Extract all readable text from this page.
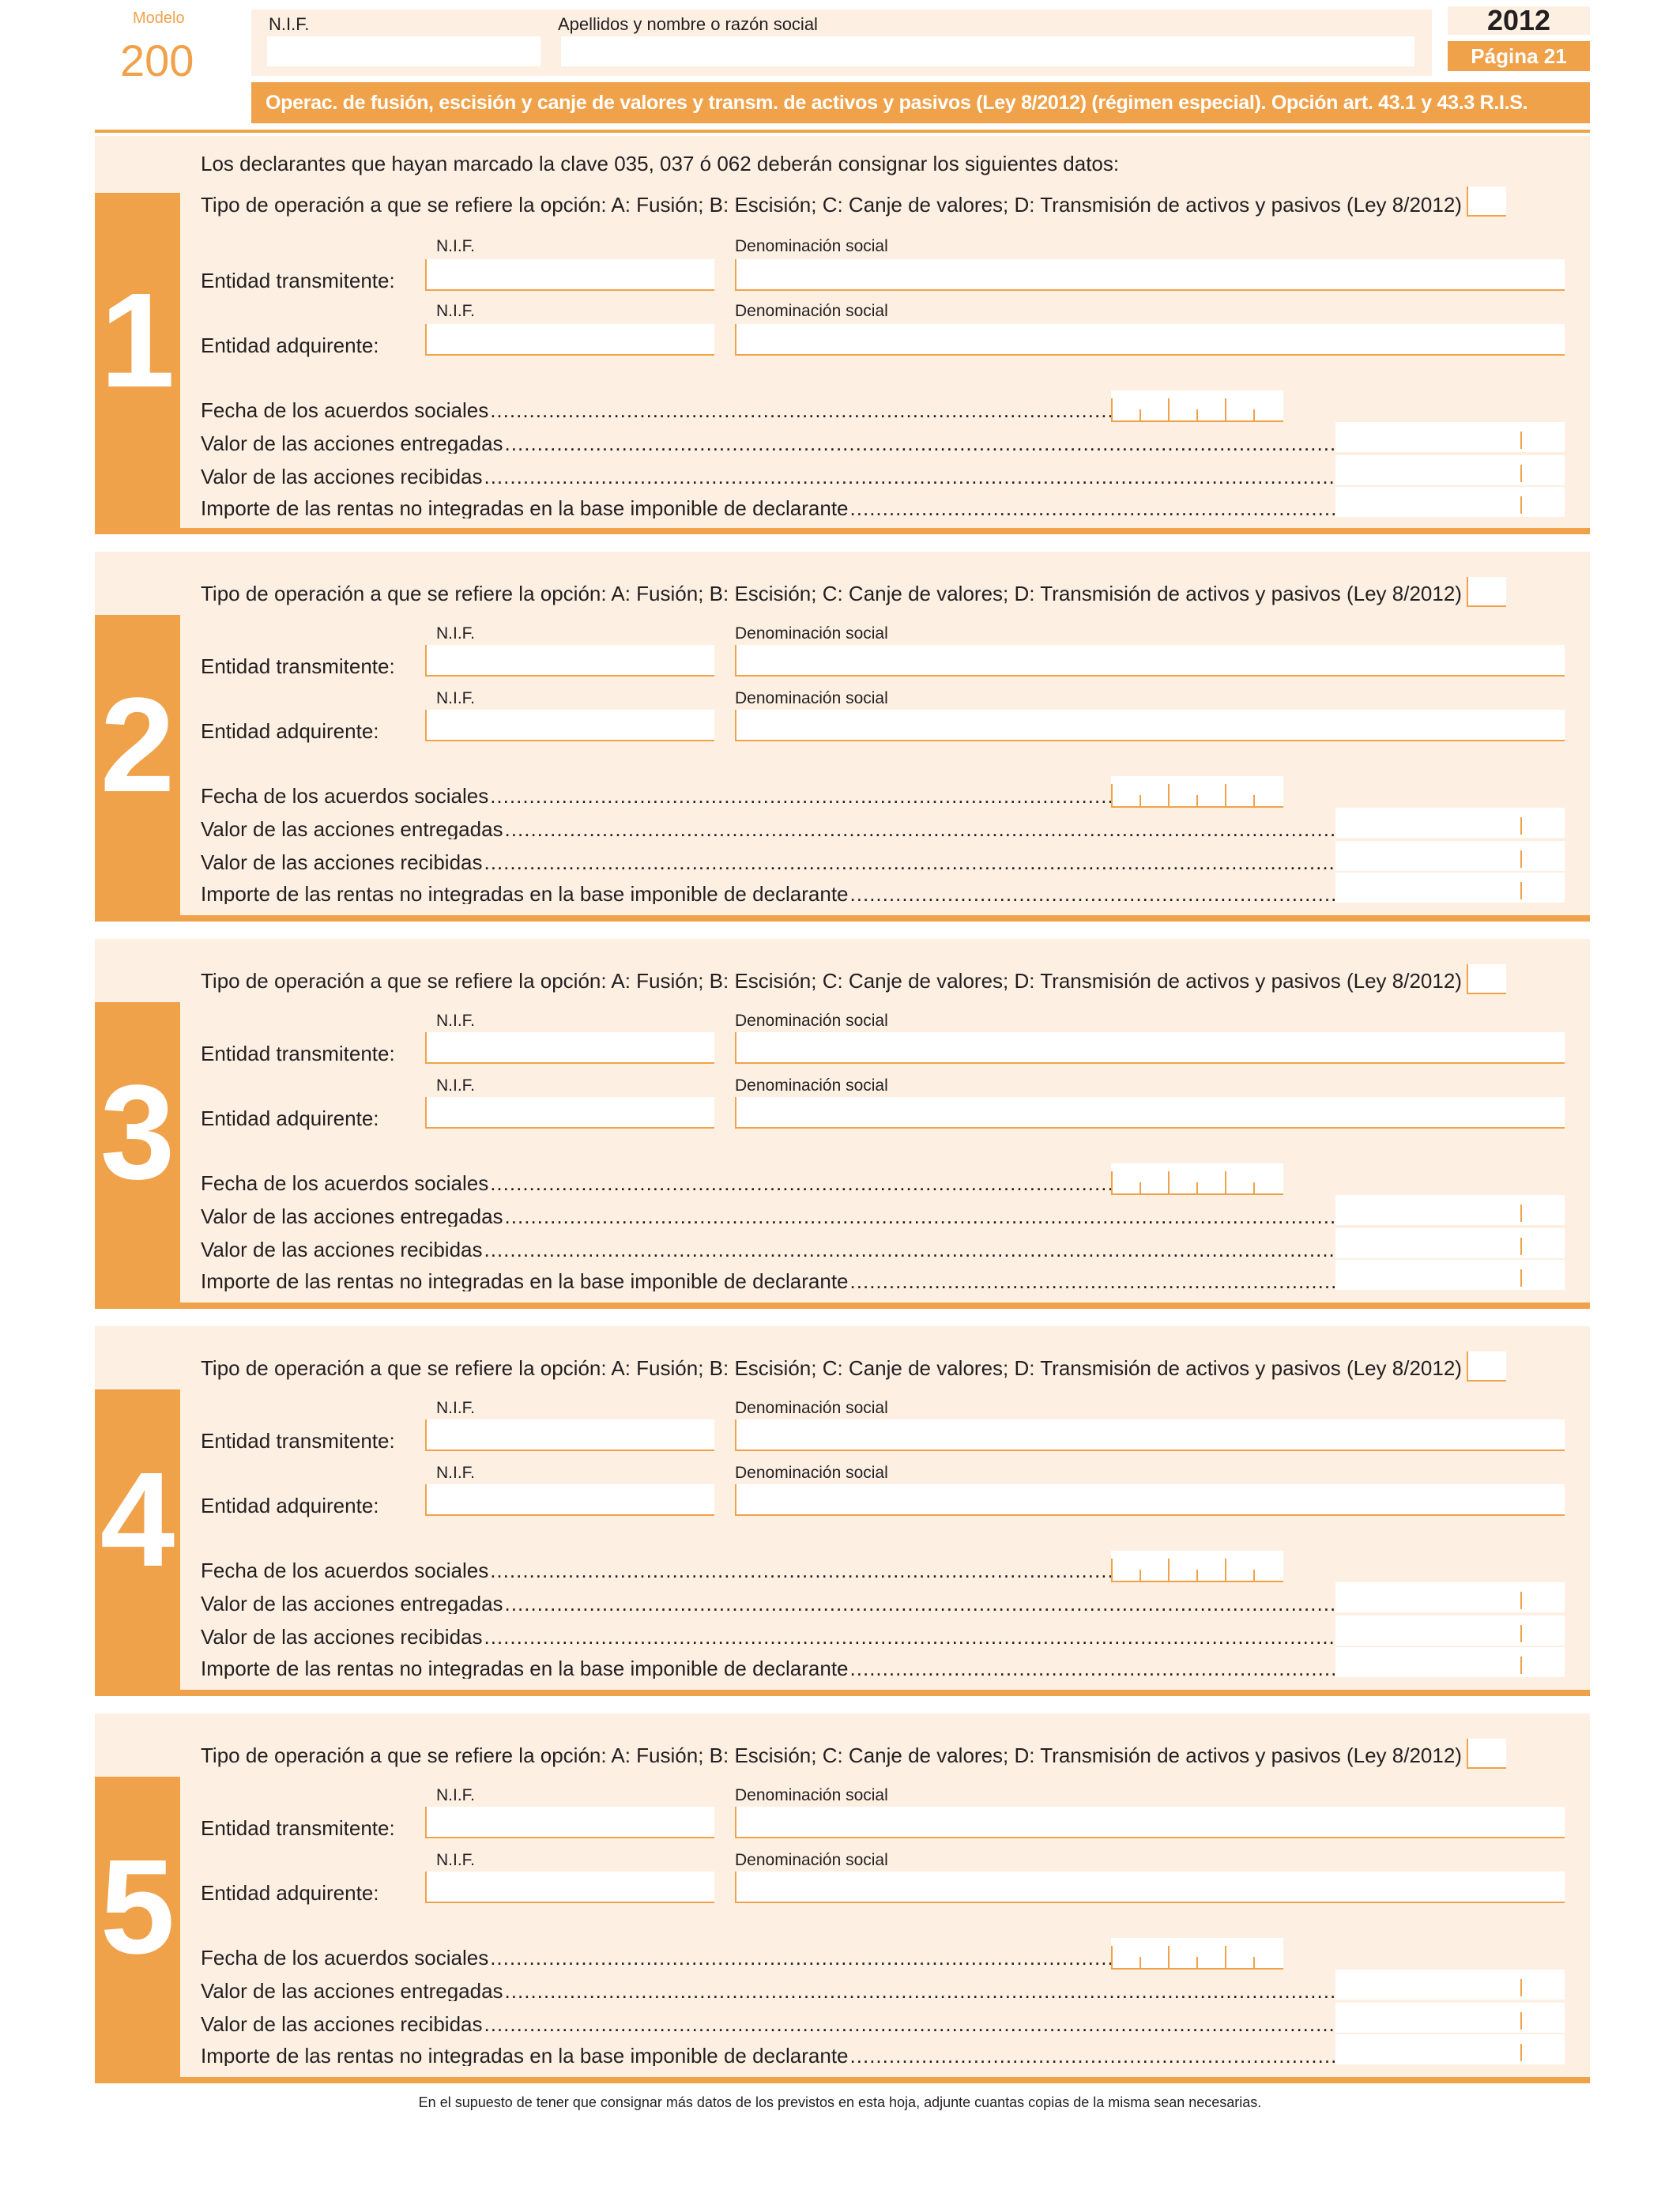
Modelo
200
N.I.F.	Apellidos y nombre o razón social	2012
Página 21
Operac. de fusión, escisión y canje de valores y transm. de activos y pasivos (Ley 8/2012) (régimen especial). Opción art. 43.1 y 43.3 R.I.S.
Los declarantes que hayan marcado la clave 035, 037 ó 062 deberán consignar los siguientes datos:
1
Tipo de operación a que se refiere la opción: A: Fusión; B: Escisión; C: Canje de valores; D: Transmisión de activos y pasivos (Ley 8/2012)
N.I.F.	Denominación social
Entidad transmitente:
N.I.F.	Denominación social
Entidad adquirente:
Fecha de los acuerdos sociales
.....
Valor de las acciones entregadas
.....
Valor de las acciones recibidas
.....
Importe de las rentas no integradas en la base imponible de declarante
.....
2
Tipo de operación a que se refiere la opción: A: Fusión; B: Escisión; C: Canje de valores; D: Transmisión de activos y pasivos (Ley 8/2012)
N.I.F.	Denominación social
Entidad transmitente:
N.I.F.	Denominación social
Entidad adquirente:
Fecha de los acuerdos sociales
.....
Valor de las acciones entregadas
.....
Valor de las acciones recibidas
.....
Importe de las rentas no integradas en la base imponible de declarante
.....
3
Tipo de operación a que se refiere la opción: A: Fusión; B: Escisión; C: Canje de valores; D: Transmisión de activos y pasivos (Ley 8/2012)
N.I.F.	Denominación social
Entidad transmitente:
N.I.F.	Denominación social
Entidad adquirente:
Fecha de los acuerdos sociales
.....
Valor de las acciones entregadas
.....
Valor de las acciones recibidas
.....
Importe de las rentas no integradas en la base imponible de declarante
.....
4
Tipo de operación a que se refiere la opción: A: Fusión; B: Escisión; C: Canje de valores; D: Transmisión de activos y pasivos (Ley 8/2012)
N.I.F.	Denominación social
Entidad transmitente:
N.I.F.	Denominación social
Entidad adquirente:
Fecha de los acuerdos sociales
.....
Valor de las acciones entregadas
.....
Valor de las acciones recibidas
.....
Importe de las rentas no integradas en la base imponible de declarante
.....
5
Tipo de operación a que se refiere la opción: A: Fusión; B: Escisión; C: Canje de valores; D: Transmisión de activos y pasivos (Ley 8/2012)
N.I.F.	Denominación social
Entidad transmitente:
N.I.F.	Denominación social
Entidad adquirente:
Fecha de los acuerdos sociales
.....
Valor de las acciones entregadas
.....
Valor de las acciones recibidas
.....
Importe de las rentas no integradas en la base imponible de declarante
.....
En el supuesto de tener que consignar más datos de los previstos en esta hoja, adjunte cuantas copias de la misma sean necesarias.
